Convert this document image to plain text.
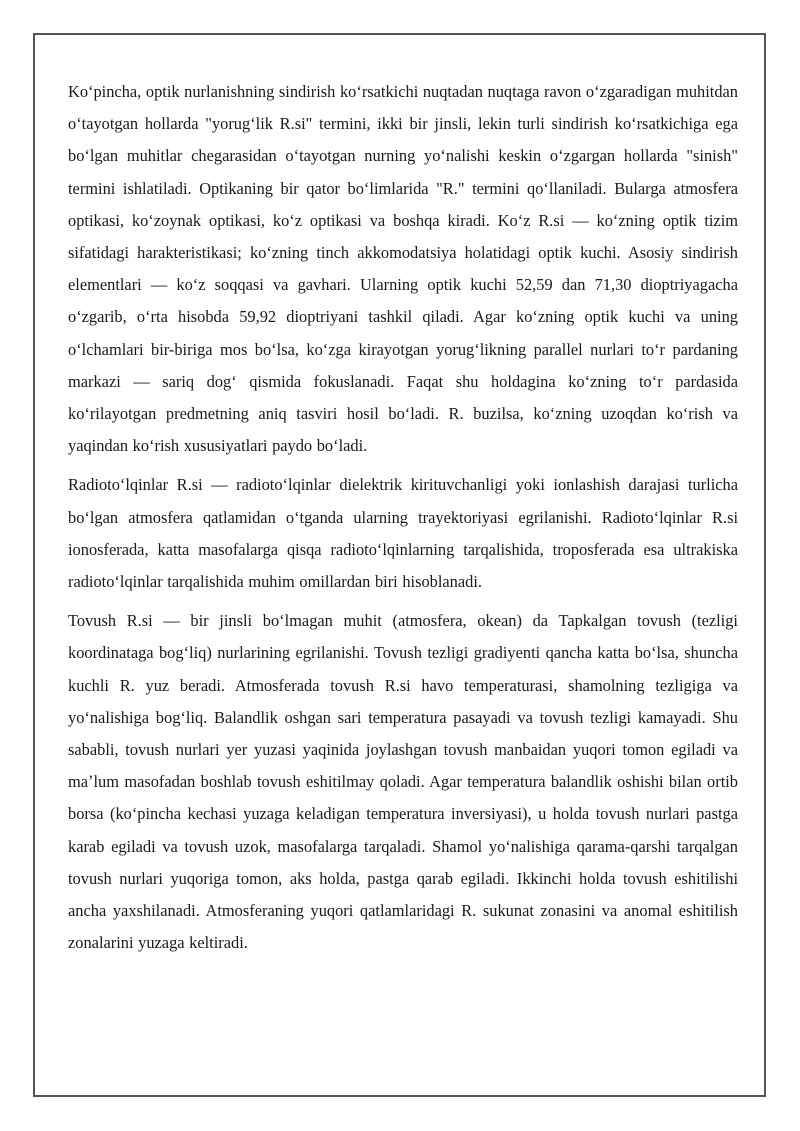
Koʻpincha, optik nurlanishning sindirish koʻrsatkichi nuqtadan nuqtaga ravon oʻzgaradigan muhitdan oʻtayotgan hollarda "yorugʻlik R.si" termini, ikki bir jinsli, lekin turli sindirish koʻrsatkichiga ega boʻlgan muhitlar chegarasidan oʻtayotgan nurning yoʻnalishi keskin oʻzgargan hollarda "sinish" termini ishlatiladi. Optikaning bir qator boʻlimlarida "R." termini qoʻllaniladi. Bularga atmosfera optikasi, koʻzoynak optikasi, koʻz optikasi va boshqa kiradi. Koʻz R.si — koʻzning optik tizim sifatidagi harakteristikasi; koʻzning tinch akkomodatsiya holatidagi optik kuchi. Asosiy sindirish elementlari — koʻz soqqasi va gavhari. Ularning optik kuchi 52,59 dan 71,30 dioptriyagacha oʻzgarib, oʻrta hisobda 59,92 dioptriyani tashkil qiladi. Agar koʻzning optik kuchi va uning oʻlchamlari bir-biriga mos boʻlsa, koʻzga kirayotgan yorugʻlikning parallel nurlari toʻr pardaning markazi — sariq dogʻ qismida fokuslanadi. Faqat shu holdagina koʻzning toʻr pardasida koʻrilayotgan predmetning aniq tasviri hosil boʻladi. R. buzilsa, koʻzning uzoqdan koʻrish va yaqindan koʻrish xususiyatlari paydo boʻladi.

Radiotoʻlqinlar R.si — radiotoʻlqinlar dielektrik kirituvchanligi yoki ionlashish darajasi turlicha boʻlgan atmosfera qatlamidan oʻtganda ularning trayektoriyasi egrilanishi. Radiotoʻlqinlar R.si ionosferada, katta masofalarga qisqa radiotoʻlqinlarning tarqalishida, troposferada esa ultrakiska radiotoʻlqinlar tarqalishida muhim omillardan biri hisoblanadi.

Tovush R.si — bir jinsli boʻlmagan muhit (atmosfera, okean) da Tapkalgan tovush (tezligi koordinataga bogʻliq) nurlarining egrilanishi. Tovush tezligi gradiyenti qancha katta boʻlsa, shuncha kuchli R. yuz beradi. Atmosferada tovush R.si havo temperaturasi, shamolning tezligiga va yoʻnalishiga bogʻliq. Balandlik oshgan sari temperatura pasayadi va tovush tezligi kamayadi. Shu sababli, tovush nurlari yer yuzasi yaqinida joylashgan tovush manbaidan yuqori tomon egiladi va maʼlum masofadan boshlab tovush eshitilmay qoladi. Agar temperatura balandlik oshishi bilan ortib borsa (koʻpincha kechasi yuzaga keladigan temperatura inversiyasi), u holda tovush nurlari pastga karab egiladi va tovush uzok, masofalarga tarqaladi. Shamol yoʻnalishiga qarama-qarshi tarqalgan tovush nurlari yuqoriga tomon, aks holda, pastga qarab egiladi. Ikkinchi holda tovush eshitilishi ancha yaxshilanadi. Atmosferaning yuqori qatlamlaridagi R. sukunat zonasini va anomal eshitilish zonalarini yuzaga keltiradi.
